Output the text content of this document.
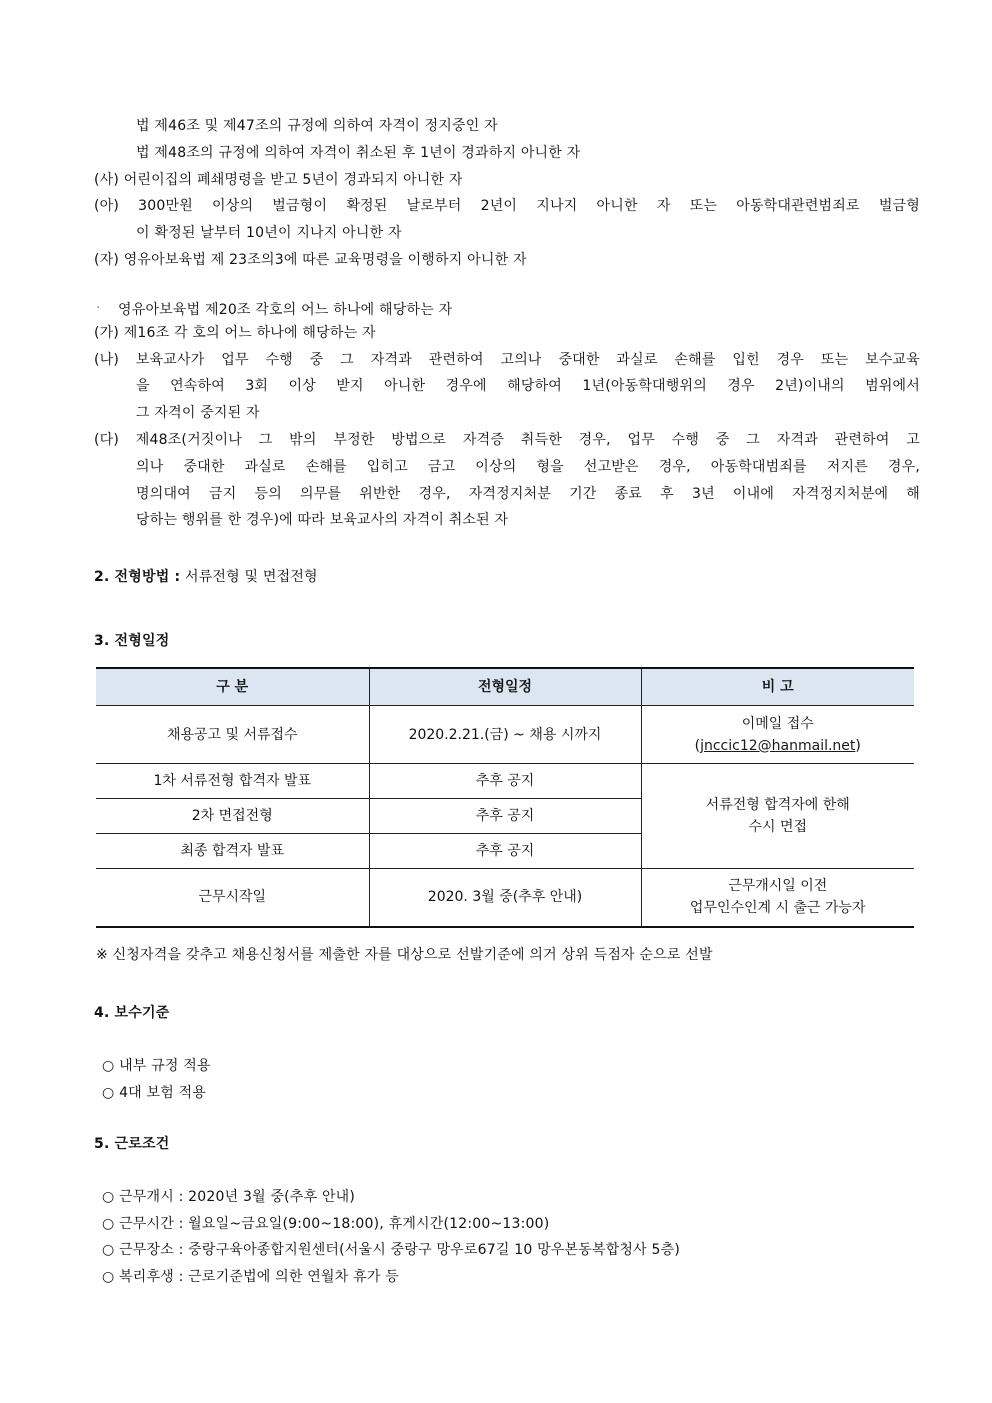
법 제46조 및 제47조의 규정에 의하여 자격이 정지중인 자
법 제48조의 규정에 의하여 자격이 취소된 후 1년이 경과하지 아니한 자
(사) 어린이집의 폐쇄명령을 받고 5년이 경과되지 아니한 자
(아) 300만원 이상의 벌금형이 확정된 날로부터 2년이 지나지 아니한 자 또는 아동학대관련범죄로 벌금형
이 확정된 날부터 10년이 지나지 아니한 자
(자) 영유아보육법 제 23조의3에 따른 교육명령을 이행하지 아니한 자
· 영유아보육법 제20조 각호의 어느 하나에 해당하는 자
(가) 제16조 각 호의 어느 하나에 해당하는 자
(나) 보육교사가 업무 수행 중 그 자격과 관련하여 고의나 중대한 과실로 손해를 입힌 경우 또는 보수교육
을 연속하여 3회 이상 받지 아니한 경우에 해당하여 1년(아동학대행위의 경우 2년)이내의 범위에서
그 자격이 중지된 자
(다) 제48조(거짓이나 그 밖의 부정한 방법으로 자격증 취득한 경우, 업무 수행 중 그 자격과 관련하여 고
의나 중대한 과실로 손해를 입히고 금고 이상의 형을 선고받은 경우, 아동학대범죄를 저지른 경우,
명의대여 금지 등의 의무를 위반한 경우, 자격정지처분 기간 종료 후 3년 이내에 자격정지처분에 해
당하는 행위를 한 경우)에 따라 보육교사의 자격이 취소된 자
2. 전형방법 : 서류전형 및 면접전형
3. 전형일정
구 분	전형일정	비 고
채용공고 및 서류접수	2020.2.21.(금) ~ 채용 시까지	이메일 접수
(jnccic12@hanmail.net)

1차 서류전형 합격자 발표	추후 공지	서류전형 합격자에 한해
수시 면접

2차 면접전형	추후 공지	
최종 합격자 발표	추후 공지	
근무시작일	2020. 3월 중(추후 안내)	근무개시일 이전
업무인수인계 시 출근 가능자
※ 신청자격을 갖추고 채용신청서를 제출한 자를 대상으로 선발기준에 의거 상위 득점자 순으로 선발
4. 보수기준
○ 내부 규정 적용
○ 4대 보험 적용
5. 근로조건
○ 근무개시 : 2020년 3월 중(추후 안내)
○ 근무시간 : 월요일~금요일(9:00~18:00), 휴게시간(12:00~13:00)
○ 근무장소 : 중랑구육아종합지원센터(서울시 중랑구 망우로67길 10 망우본동복합청사 5층)
○ 복리후생 : 근로기준법에 의한 연월차 휴가 등
